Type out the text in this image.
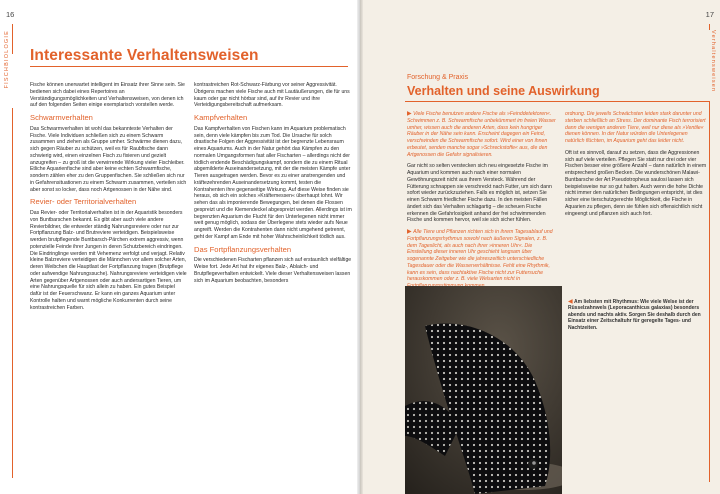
16
FISCHBIOLOGIE Interessante Verhaltensweisen

Fische können unerwartet intelligent im Einsatz ihrer Sinne sein. Sie bedienen sich dabei eines Repertoires an Verständigungsmöglichkeiten und Verhaltensweisen, von denen ich auf den folgenden Seiten einige exemplarisch vorstellen werde.

Schwarmverhalten

Das Schwarmverhalten ist wohl das bekannteste Verhalten der Fische. Viele Individuen schließen sich zu einem Schwarm zusammen und ziehen als Gruppe umher. Schwärme dienen dazu, sich gegen Räuber zu schützen, weil es für Raubfische dann schwierig wird, einen einzelnen Fisch zu fixieren und gezielt anzugreifen – zu groß ist die verwirrende Wirkung vieler Fischleiber. Etliche Aquarienfische sind aber keine echten Schwarmfische, sondern zählen eher zu den Gruppenfischen. Sie schließen sich nur in Gefahrensituationen zu einem Schwarm zusammen, verteilen sich aber sonst so locker, dass noch Artgenossen in der Nähe sind.

Revier- oder Territorialverhalten

Das Revier- oder Territorialverhalten ist in der Aquaristik besonders von Buntbarschen bekannt. Es gibt aber auch viele andere Revierbildner, die entweder ständig Nahrungsreviere oder nur zur Fortpflanzung Balz- und Brutreviere verteidigen. Beispielsweise werden brutpflegende Buntbarsch-Pärchen extrem aggressiv, wenn potenzielle Feinde ihrer Jungen in deren Schutzbereich eindringen. Die Eindringlinge werden mit Vehemenz verfolgt und verjagt. Relativ kleine Balzreviere verteidigen die Männchen vor allem solcher Arten, deren Weibchen die Hauptlast der Fortpflanzung tragen (Brutpflege oder aufwendige Nahrungssuche). Nahrungsreviere verteidigen viele Arten gegenüber Artgenossen oder auch andersartigen Tieren, um eine Nahrungsquelle für sich allein zu haben. Ein gutes Beispiel dafür ist der Feuerschwanz. Er kann ein ganzes Aquarium unter Kontrolle halten und warnt mögliche Konkurrenten durch seine kontrastreichen Farben.

kontrastreichen Rot-Schwarz-Färbung vor seiner Aggressivität. Übrigens machen viele Fische auch mit Lautäußerungen, die für uns kaum oder gar nicht hörbar sind, auf ihr Revier und ihre Verteidigungsbereitschaft aufmerksam.

Kampfverhalten

Das Kampfverhalten von Fischen kann im Aquarium problematisch sein, denn viele kämpfen bis zum Tod. Die Ursache für solch drastische Folgen der Aggressivität ist der begrenzte Lebensraum eines Aquariums. Auch in der Natur gehört das Kämpfen zu den normalen Umgangsformen fast aller Fischarten – allerdings nicht der tödlich endende Beschädigungskampf, sondern die zu einem Ritual abgemilderte Auseinandersetzung, mit der die meisten Kämpfe unter Tieren ausgetragen werden. Bevor es zu einer anstrengenden und kräftezehrenden Auseinandersetzung kommt, testen die Kontrahenten ihre gegenseitige Wirkung. Auf diese Weise finden sie heraus, ob sich ein solches »Kräftemessen« überhaupt lohnt. Wir sehen das als imponierende Bewegungen, bei denen die Flossen gespreizt und die Kiemendeckel abgespreizt werden. Allerdings ist im begrenzten Aquarium die Flucht für den Unterlegenen nicht immer weit genug möglich, sodass der Überlegene stets wieder aufs Neue angreift. Werden die Kontrahenten dann nicht umgehend getrennt, geht der Kampf am Ende mit hoher Wahrscheinlichkeit tödlich aus.

Das Fortpflanzungsverhalten

Die verschiedenen Fischarten pflanzen sich auf erstaunlich vielfältige Weise fort. Jede Art hat ihr eigenes Balz-, Ablaich- und Brutpflegeverhalten entwickelt. Viele dieser Verhaltensweisen lassen sich im Aquarium beobachten, besonders

17
Verhaltensweisen
Forschung & Praxis
Verhalten und seine Auswirkung

▶ Viele Fische benutzen andere Fische als »Feinddetektoren«. Schwimmen z. B. Schwarmfische unbekümmert im freien Wasser umher, wissen auch die anderen Arten, dass kein hungriger Räuber in der Nähe sein kann. Erscheint dagegen ein Feind, verschwinden die Schwarmfische sofort. Wird einer von ihnen erbeutet, senden manche sogar »Schreckstoffe« aus, die den Artgenossen die Gefahr signalisieren.

Gar nicht so selten verstecken sich neu eingesetzte Fische im Aquarium und kommen auch nach einer normalen Gewöhnungszeit nicht aus ihrem Versteck. Während der Fütterung schnappen sie verschreckt nach Futter, um sich dann sofort wieder zurückzuziehen. Falls es möglich ist, setzen Sie einen Schwarm friedlicher Fische dazu. In den meisten Fällen ändert sich das Verhalten schlagartig – die scheuen Fische erkennen die Gefahrlosigkeit anhand der frei schwimmenden Fische und kommen hervor, weil sie sich sicher fühlen.

▶ Alle Tiere und Pflanzen richten sich in ihrem Tagesablauf und Fortpflanzungsrhythmus sowohl nach äußeren Signalen, z. B. dem Tageslicht, als auch nach ihrer »inneren Uhr«. Die Einstellung dieser inneren Uhr geschieht langsam über sogenannte Zeitgeber wie die jahreszeitlich unterschiedliche Tagesdauer oder die Wasserverhältnisse. Fehlt eine Rhythmik, kann es sein, dass nachtaktive Fische nicht zur Futtersuche herauskommen oder z. B. viele Welsarten nicht in

ordnung. Die jeweils Schwächsten leiden stark darunter und sterben schließlich an Stress. Der dominante Fisch terrorisiert dann die wenigen anderen Tiere, weil nur diese als »Ventile« dienen können. In der Natur würden die Unterlegenen natürlich flüchten, im Aquarium geht das leider nicht.

Oft ist es sinnvoll, darauf zu setzen, dass die Aggressionen sich auf viele verteilen. Pflegen Sie statt nur drei oder vier Fischen besser eine größere Anzahl – dann natürlich in einem entsprechend großen Becken. Die wunderschönen Malawi-Buntbarsche der Art Pseudotropheus saulosi lassen sich beispielsweise nur so gut halten. Auch wenn die hohe Dichte nicht immer den natürlichen Bedingungen entspricht, ist dies sicher eine tierschutzgerechte Möglichkeit, die Fische in Aquarien zu pflegen, denn sie fühlen sich offensichtlich nicht eingeengt und pflanzen sich auch fort.

◀ Am liebsten mit Rhythmus: Wie viele Welse ist der Rüsselzahnwels (Leporacanthicus galaxias) besonders abends und nachts aktiv. Sorgen Sie deshalb durch den Einsatz einer Zeitschaltuhr für geregelte Tages- und Nachtzeiten.
